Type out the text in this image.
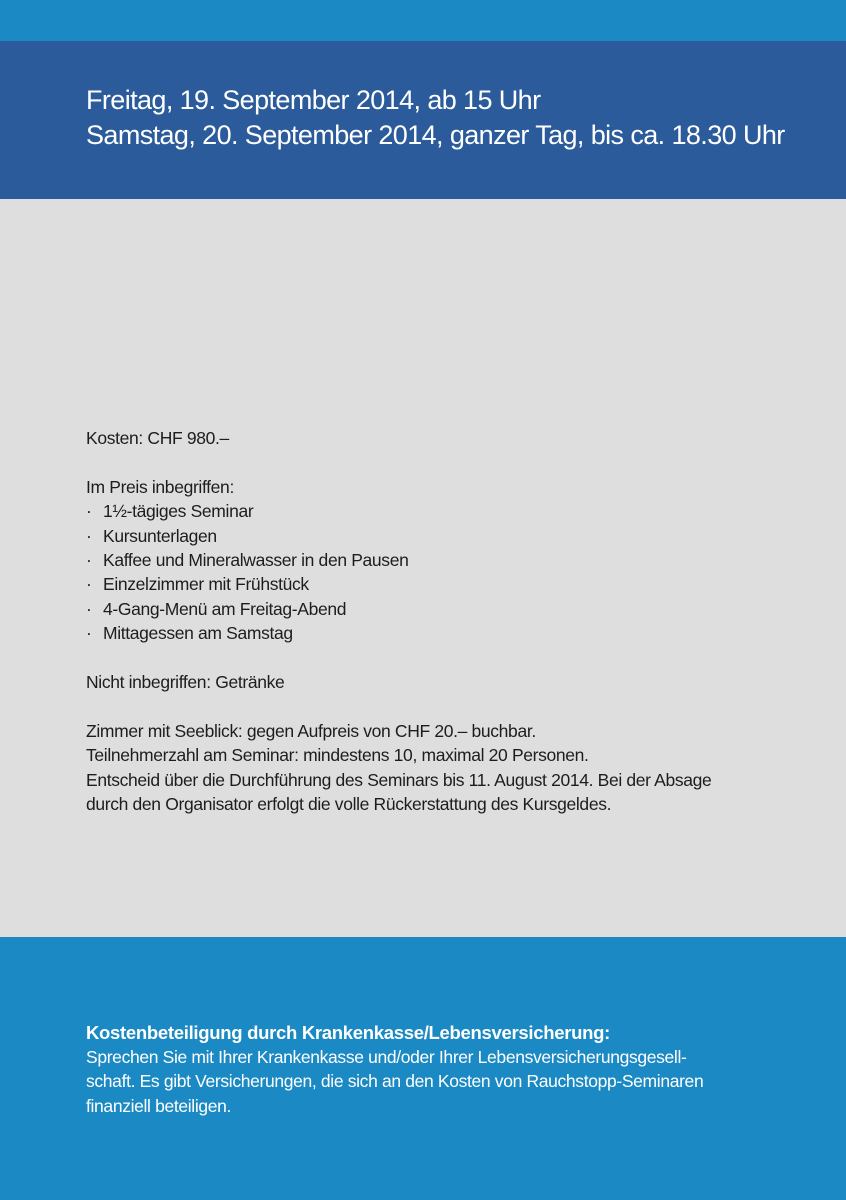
Freitag, 19. September 2014, ab 15 Uhr
Samstag, 20. September 2014, ganzer Tag, bis ca. 18.30 Uhr

Kosten: CHF 980.–

Im Preis inbegriffen:

· 1½-tägiges Seminar
· Kursunterlagen
· Kaffee und Mineralwasser in den Pausen
· Einzelzimmer mit Frühstück
· 4-Gang-Menü am Freitag-Abend
· Mittagessen am Samstag

Nicht inbegriffen: Getränke

Zimmer mit Seeblick: gegen Aufpreis von CHF 20.– buchbar.

Teilnehmerzahl am Seminar: mindestens 10, maximal 20 Personen.

Entscheid über die Durchführung des Seminars bis 11. August 2014. Bei der Absage

durch den Organisator erfolgt die volle Rückerstattung des Kursgeldes.

Kostenbeteiligung durch Krankenkasse/Lebensversicherung:

Sprechen Sie mit Ihrer Krankenkasse und/oder Ihrer Lebensversicherungsgesell-
schaft. Es gibt Versicherungen, die sich an den Kosten von Rauchstopp-Seminaren
finanziell beteiligen.
